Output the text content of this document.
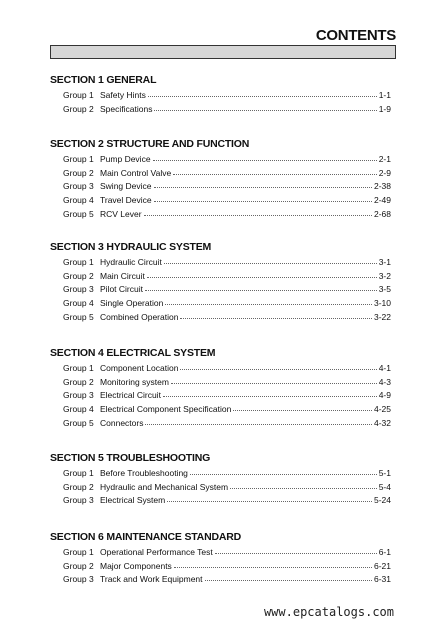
CONTENTS
SECTION 1 GENERAL
Group 1 Safety Hints	1-1
Group 2 Specifications	1-9
SECTION 2 STRUCTURE AND FUNCTION
Group 1 Pump Device	2-1
Group 2 Main Control Valve	2-9
Group 3 Swing Device	2-38
Group 4 Travel Device	2-49
Group 5 RCV Lever	2-68
SECTION 3 HYDRAULIC SYSTEM
Group 1 Hydraulic Circuit	3-1
Group 2 Main Circuit	3-2
Group 3 Pilot Circuit	3-5
Group 4 Single Operation	3-10
Group 5 Combined Operation	3-22
SECTION 4 ELECTRICAL SYSTEM
Group 1 Component Location	4-1
Group 2 Monitoring system	4-3
Group 3 Electrical Circuit	4-9
Group 4 Electrical Component Specification	4-25
Group 5 Connectors	4-32
SECTION 5 TROUBLESHOOTING
Group 1 Before Troubleshooting	5-1
Group 2 Hydraulic and Mechanical System	5-4
Group 3 Electrical System	5-24
SECTION 6 MAINTENANCE STANDARD
Group 1 Operational Performance Test	6-1
Group 2 Major Components	6-21
Group 3 Track and Work Equipment	6-31
www.epcatalogs.com
